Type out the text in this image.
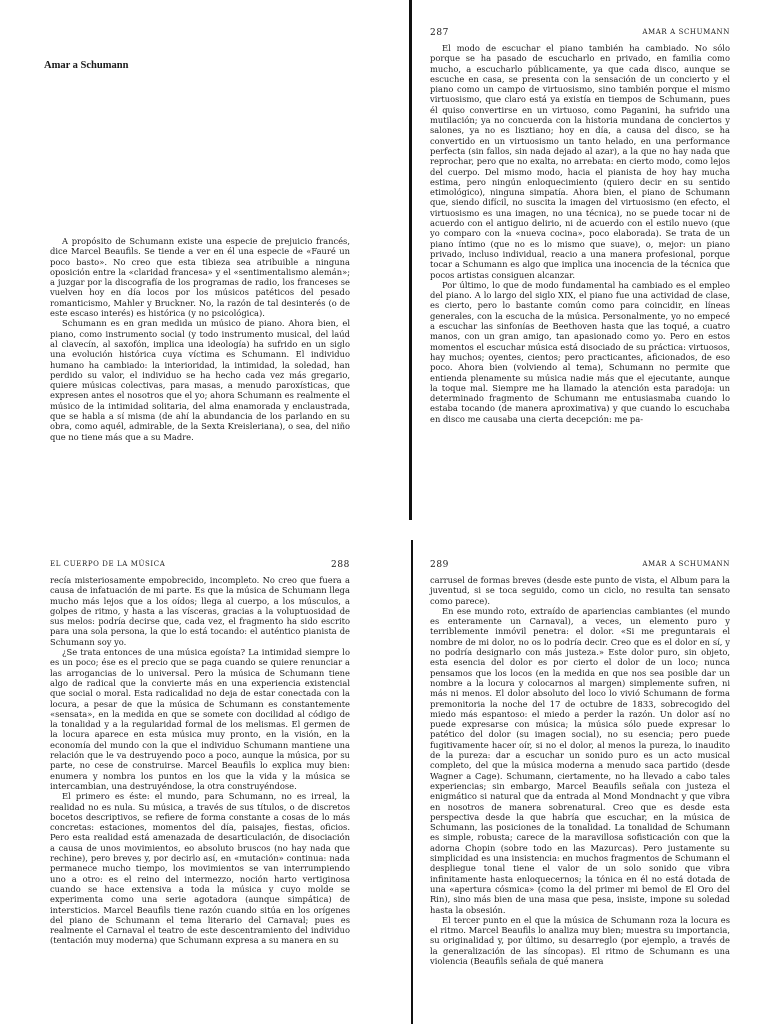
Amar a Schumann

A propósito de Schumann existe una especie de prejuicio francés, dice Marcel Beaufils. Se tiende a ver en él una especie de «Fauré un poco basto». No creo que esta tibieza sea atribuible a ninguna oposición entre la «claridad francesa» y el «sentimentalismo alemán»; a juzgar por la discografía de los programas de radio, los franceses se vuelven hoy en día locos por los músicos patéticos del pesado romanticismo, Mahler y Bruckner. No, la razón de tal desinterés (o de este escaso interés) es histórica (y no psicológica).

Schumann es en gran medida un músico de piano. Ahora bien, el piano, como instrumento social (y todo instrumento musical, del laúd al clavecín, al saxofón, implica una ideología) ha sufrido en un siglo una evolución histórica cuya víctima es Schumann. El individuo humano ha cambiado: la interioridad, la intimidad, la soledad, han perdido su valor, el individuo se ha hecho cada vez más gregario, quiere músicas colectivas, para masas, a menudo paroxísticas, que expresen antes el nosotros que el yo; ahora Schumann es realmente el músico de la intimidad solitaria, del alma enamorada y enclaustrada, que se habla a sí misma (de ahí la abundancia de los parlando en su obra, como aquél, admirable, de la Sexta Kreisleriana), o sea, del niño que no tiene más que a su Madre.

287	AMAR A SCHUMANN

El modo de escuchar el piano también ha cambiado. No sólo porque se ha pasado de escucharlo en privado, en familia como mucho, a escucharlo públicamente, ya que cada disco, aunque se escuche en casa, se presenta con la sensación de un concierto y el piano como un campo de virtuosismo, sino también porque el mismo virtuosismo, que claro está ya existía en tiempos de Schumann, pues él quiso convertirse en un virtuoso, como Paganini, ha sufrido una mutilación; ya no concuerda con la historia mundana de conciertos y salones, ya no es lisztiano; hoy en día, a causa del disco, se ha convertido en un virtuosismo un tanto helado, en una performance perfecta (sin fallos, sin nada dejado al azar), a la que no hay nada que reprochar, pero que no exalta, no arrebata: en cierto modo, como lejos del cuerpo. Del mismo modo, hacia el pianista de hoy hay mucha estima, pero ningún enloquecimiento (quiero decir en su sentido etimológico), ninguna simpatía. Ahora bien, el piano de Schumann que, siendo difícil, no suscita la imagen del virtuosismo (en efecto, el virtuosismo es una imagen, no una técnica), no se puede tocar ni de acuerdo con el antiguo delirio, ni de acuerdo con el estilo nuevo (que yo comparo con la «nueva cocina», poco elaborada). Se trata de un piano íntimo (que no es lo mismo que suave), o, mejor: un piano privado, incluso individual, reacio a una manera profesional, porque tocar a Schumann es algo que implica una inocencia de la técnica que pocos artistas consiguen alcanzar.

Por último, lo que de modo fundamental ha cambiado es el empleo del piano. A lo largo del siglo XIX, el piano fue una actividad de clase, es cierto, pero lo bastante común como para coincidir, en líneas generales, con la escucha de la música. Personalmente, yo no empecé a escuchar las sinfonías de Beethoven hasta que las toqué, a cuatro manos, con un gran amigo, tan apasionado como yo. Pero en estos momentos el escuchar música está disociado de su práctica: virtuosos, hay muchos; oyentes, cientos; pero practicantes, aficionados, de eso poco. Ahora bien (volviendo al tema), Schumann no permite que entienda plenamente su música nadie más que el ejecutante, aunque la toque mal. Siempre me ha llamado la atención esta paradoja: un determinado fragmento de Schumann me entusiasmaba cuando lo estaba tocando (de manera aproximativa) y que cuando lo escuchaba en disco me causaba una cierta decepción: me pa-

EL CUERPO DE LA MÚSICA	288

recía misteriosamente empobrecido, incompleto. No creo que fuera a causa de infatuación de mi parte. Es que la música de Schumann llega mucho más lejos que a los oídos; llega al cuerpo, a los músculos, a golpes de ritmo, y hasta a las vísceras, gracias a la voluptuosidad de sus melos: podría decirse que, cada vez, el fragmento ha sido escrito para una sola persona, la que lo está tocando: el auténtico pianista de Schumann soy yo.

¿Se trata entonces de una música egoísta? La intimidad siempre lo es un poco; ése es el precio que se paga cuando se quiere renunciar a las arrogancias de lo universal. Pero la música de Schumann tiene algo de radical que la convierte más en una experiencia existencial que social o moral. Esta radicalidad no deja de estar conectada con la locura, a pesar de que la música de Schumann es constantemente «sensata», en la medida en que se somete con docilidad al código de la tonalidad y a la regularidad formal de los melismas. El germen de la locura aparece en esta música muy pronto, en la visión, en la economía del mundo con la que el individuo Schumann mantiene una relación que le va destruyendo poco a poco, aunque la música, por su parte, no cese de construirse. Marcel Beaufils lo explica muy bien: enumera y nombra los puntos en los que la vida y la música se intercambian, una destruyéndose, la otra construyéndose.

El primero es éste: el mundo, para Schumann, no es irreal, la realidad no es nula. Su música, a través de sus títulos, o de discretos bocetos descriptivos, se refiere de forma constante a cosas de lo más concretas: estaciones, momentos del día, paisajes, fiestas, oficios. Pero esta realidad está amenazada de desarticulación, de disociación a causa de unos movimientos, eo absoluto bruscos (no hay nada que rechine), pero breves y, por decirlo así, en «mutación» continua: nada permanece mucho tiempo, los movimientos se van interrumpiendo uno a otro: es el reino del intermezzo, noción harto vertiginosa cuando se hace extensiva a toda la música y cuyo molde se experimenta como una serie agotadora (aunque simpática) de intersticios. Marcel Beaufils tiene razón cuando sitúa en los orígenes del piano de Schumann el tema literario del Carnaval; pues es realmente el Carnaval el teatro de este descentramiento del individuo (tentación muy moderna) que Schumann expresa a su manera en su

289	AMAR A SCHUMANN

carrusel de formas breves (desde este punto de vista, el Album para la juventud, si se toca seguido, como un ciclo, no resulta tan sensato como parece).

En ese mundo roto, extraído de apariencias cambiantes (el mundo es enteramente un Carnaval), a veces, un elemento puro y terriblemente inmóvil penetra: el dolor. «Si me preguntarais el nombre de mi dolor, no os lo podría decir. Creo que es el dolor en sí, y no podría designarlo con más justeza.» Este dolor puro, sin objeto, esta esencia del dolor es por cierto el dolor de un loco; nunca pensamos que los locos (en la medida en que nos sea posible dar un nombre a la locura y colocarnos al margen) simplemente sufren, ni más ni menos. El dolor absoluto del loco lo vivió Schumann de forma premonitoria la noche del 17 de octubre de 1833, sobrecogido del miedo más espantoso: el miedo a perder la razón. Un dolor así no puede expresarse con música; la música sólo puede expresar lo patético del dolor (su imagen social), no su esencia; pero puede fugitivamente hacer oír, si no el dolor, al menos la pureza, lo inaudito de la pureza: dar a escuchar un sonido puro es un acto musical completo, del que la música moderna a menudo saca partido (desde Wagner a Cage). Schumann, ciertamente, no ha llevado a cabo tales experiencias; sin embargo, Marcel Beaufils señala con justeza el enigmático si natural que da entrada al Mond Mondnacht y que vibra en nosotros de manera sobrenatural. Creo que es desde esta perspectiva desde la que habría que escuchar, en la música de Schumann, las posiciones de la tonalidad. La tonalidad de Schumann es simple, robusta; carece de la maravillosa sofisticación con que la adorna Chopin (sobre todo en las Mazurcas). Pero justamente su simplicidad es una insistencia: en muchos fragmentos de Schumann el despliegue tonal tiene el valor de un solo sonido que vibra infinitamente hasta enloquecernos; la tónica en él no está dotada de una «apertura cósmica» (como la del primer mi bemol de El Oro del Rin), sino más bien de una masa que pesa, insiste, impone su soledad hasta la obsesión.

El tercer punto en el que la música de Schumann roza la locura es el ritmo. Marcel Beaufils lo analiza muy bien; muestra su importancia, su originalidad y, por último, su desarreglo (por ejemplo, a través de la generalización de las síncopas). El ritmo de Schumann es una violencia (Beaufils señala de qué manera
